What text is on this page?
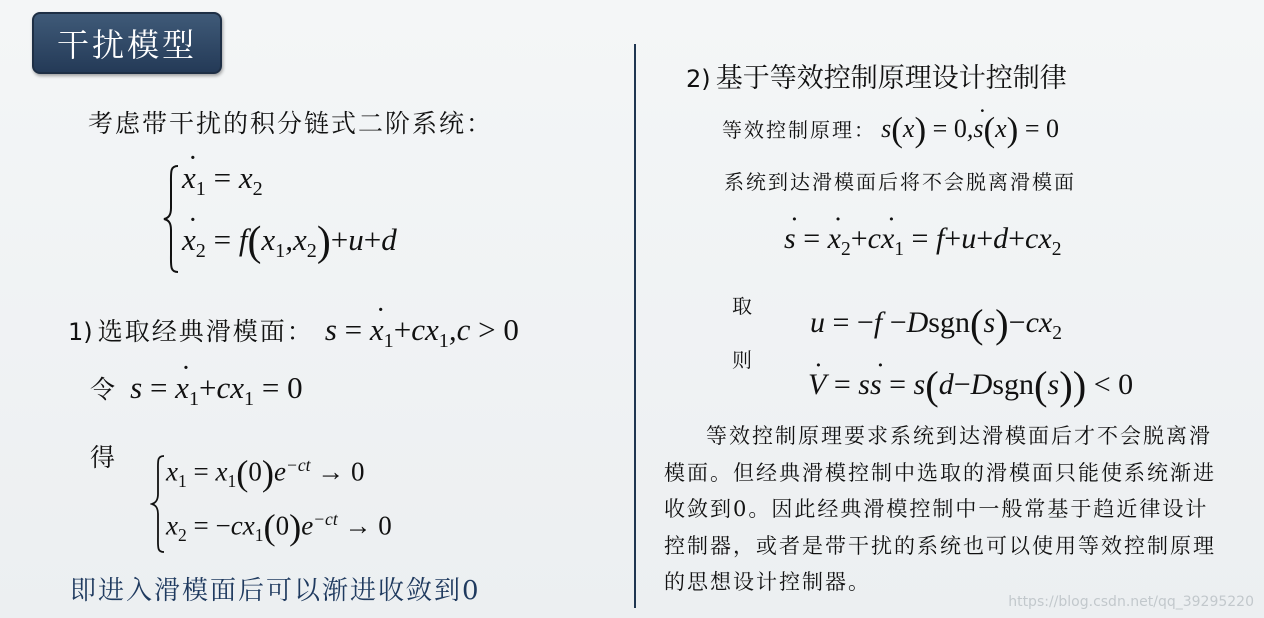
干扰模型
考虑带干扰的积分链式二阶系统：
x $˙_1 = x_2$
x $˙_2 = f(x_1,x_2)+u+d$
1) 选取经典滑模面： s = x $˙_1+cx_1,c > 0$
令 s = x $˙_1+cx_1 = 0$
得 $x_1 = x_1(0)e^{-ct} \to 0$
$x_2 = -cx_1(0)e^{-ct} \to 0$
即进入滑模面后可以渐进收敛到0
2) 基于等效控制原理设计控制律
等效控制原理： s(x) = 0,s ˙(x) = 0
系统到达滑模面后将不会脱离滑模面
s ˙ = x $˙_2+cx$ $˙_1 = f+u+d+cx_2$
取
$u = -f -Dsgn(s)-cx_2$
则
V ˙ = ss ˙ = s(d−Dsgn(s)) < 0
等效控制原理要求系统到达滑模面后才不会脱离滑模面。但经典滑模控制中选取的滑模面只能使系统渐进收敛到0。因此经典滑模控制中一般常基于趋近律设计控制器，或者是带干扰的系统也可以使用等效控制原理的思想设计控制器。
https://blog.csdn.net/qq_39295220
